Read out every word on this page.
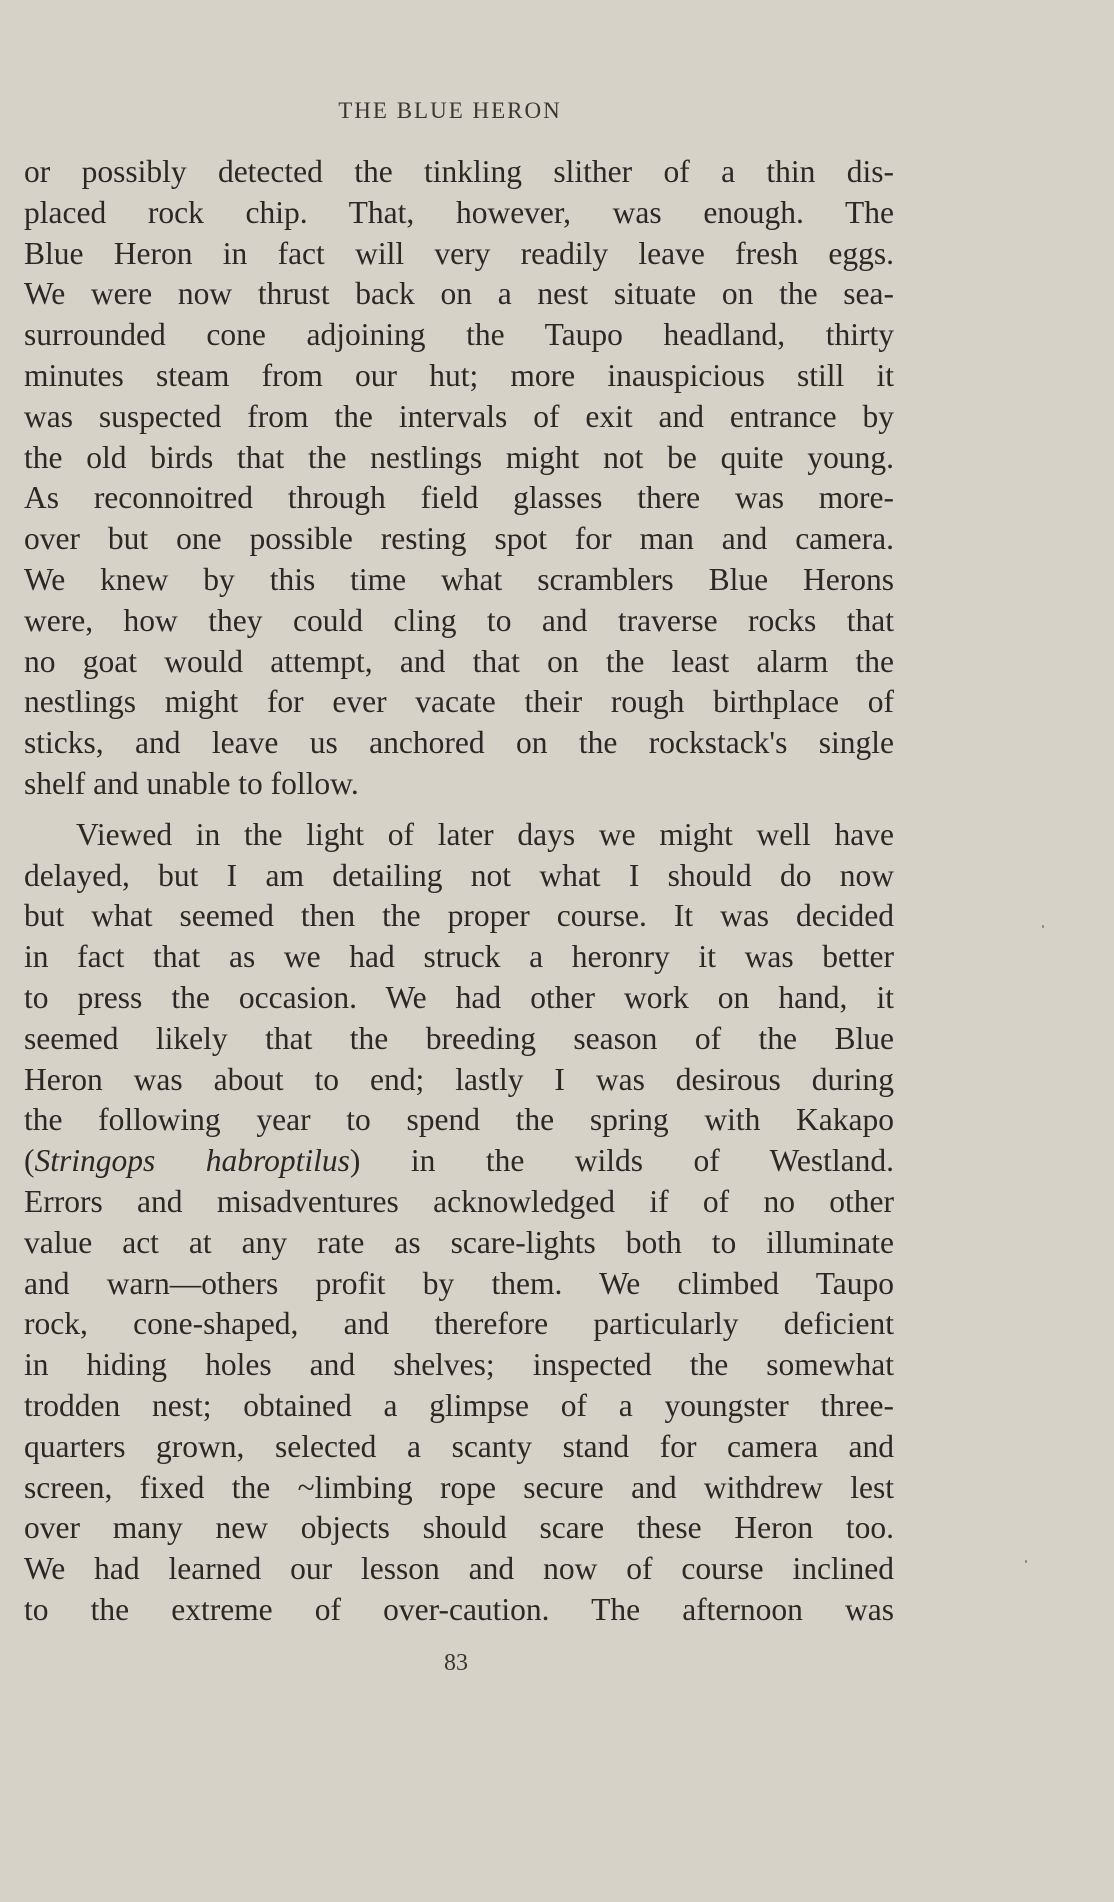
THE BLUE HERON
or possibly detected the tinkling slither of a thin dis-
placed rock chip. That, however, was enough. The
Blue Heron in fact will very readily leave fresh eggs.
We were now thrust back on a nest situate on the sea-
surrounded cone adjoining the Taupo headland, thirty
minutes steam from our hut; more inauspicious still it
was suspected from the intervals of exit and entrance by
the old birds that the nestlings might not be quite young.
As reconnoitred through field glasses there was more-
over but one possible resting spot for man and camera.
We knew by this time what scramblers Blue Herons
were, how they could cling to and traverse rocks that
no goat would attempt, and that on the least alarm the
nestlings might for ever vacate their rough birthplace of
sticks, and leave us anchored on the rockstack's single
shelf and unable to follow.
Viewed in the light of later days we might well have
delayed, but I am detailing not what I should do now
but what seemed then the proper course. It was decided
in fact that as we had struck a heronry it was better
to press the occasion. We had other work on hand, it
seemed likely that the breeding season of the Blue
Heron was about to end; lastly I was desirous during
the following year to spend the spring with Kakapo
(Stringops habroptilus) in the wilds of Westland.
Errors and misadventures acknowledged if of no other
value act at any rate as scare-lights both to illuminate
and warn—others profit by them. We climbed Taupo
rock, cone-shaped, and therefore particularly deficient
in hiding holes and shelves; inspected the somewhat
trodden nest; obtained a glimpse of a youngster three-
quarters grown, selected a scanty stand for camera and
screen, fixed the ~limbing rope secure and withdrew lest
over many new objects should scare these Heron too.
We had learned our lesson and now of course inclined
to the extreme of over-caution. The afternoon was
83
